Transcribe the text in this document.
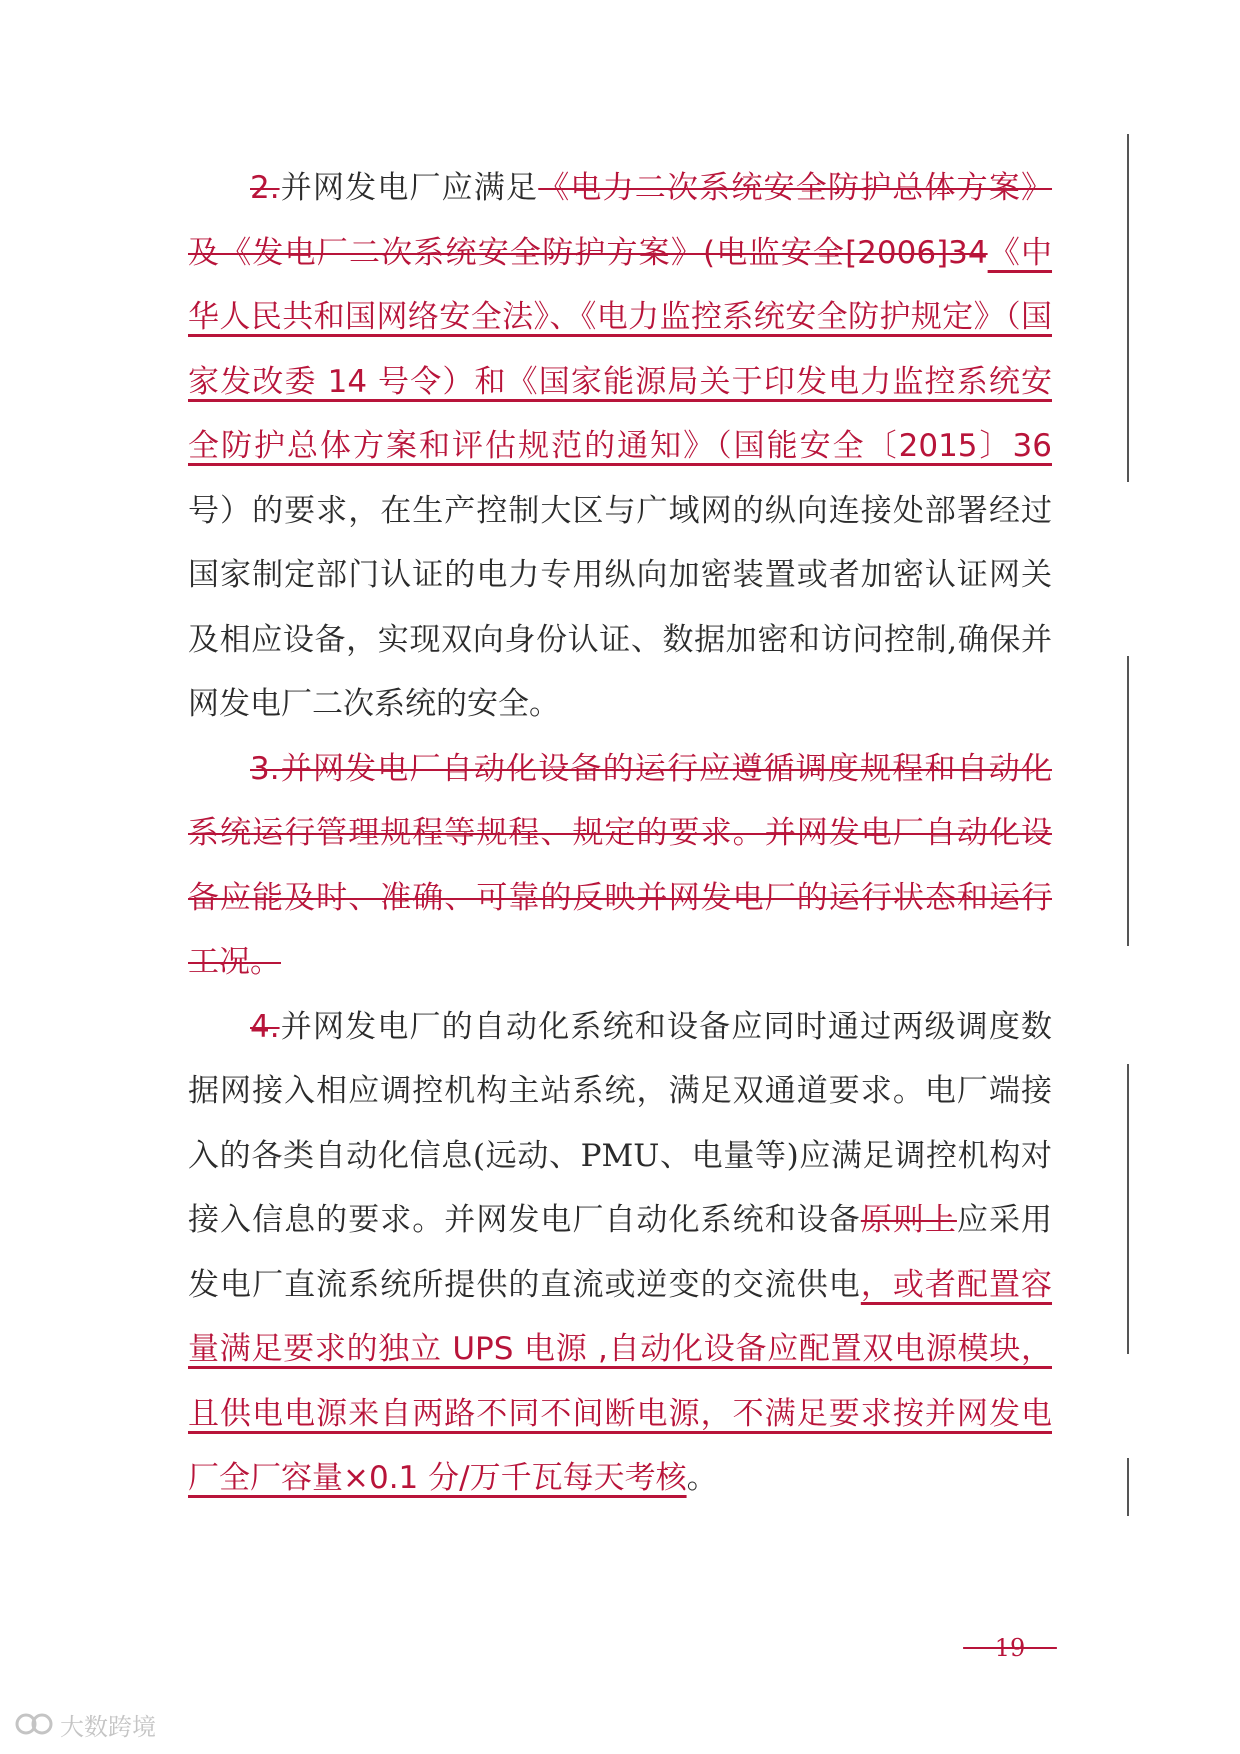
2.并网发电厂应满足《电力二次系统安全防护总体方案》及《发电厂二次系统安全防护方案》(电监安全[2006]34《中华人民共和国网络安全法》、《电力监控系统安全防护规定》（国家发改委 14 号令）和《国家能源局关于印发电力监控系统安全防护总体方案和评估规范的通知》（国能安全〔2015〕36 号）的要求，在生产控制大区与广域网的纵向连接处部署经过国家制定部门认证的电力专用纵向加密装置或者加密认证网关及相应设备，实现双向身份认证、数据加密和访问控制,确保并网发电厂二次系统的安全。

3.并网发电厂自动化设备的运行应遵循调度规程和自动化系统运行管理规程等规程、规定的要求。并网发电厂自动化设备应能及时、准确、可靠的反映并网发电厂的运行状态和运行工况。

4.并网发电厂的自动化系统和设备应同时通过两级调度数据网接入相应调控机构主站系统，满足双通道要求。电厂端接入的各类自动化信息(远动、PMU、电量等)应满足调控机构对接入信息的要求。并网发电厂自动化系统和设备原则上应采用发电厂直流系统所提供的直流或逆变的交流供电，或者配置容量满足要求的独立 UPS 电源 ,自动化设备应配置双电源模块，且供电电源来自两路不同不间断电源，不满足要求按并网发电厂全厂容量×0.1 分/万千瓦每天考核。

－ 19 －
大数跨境
